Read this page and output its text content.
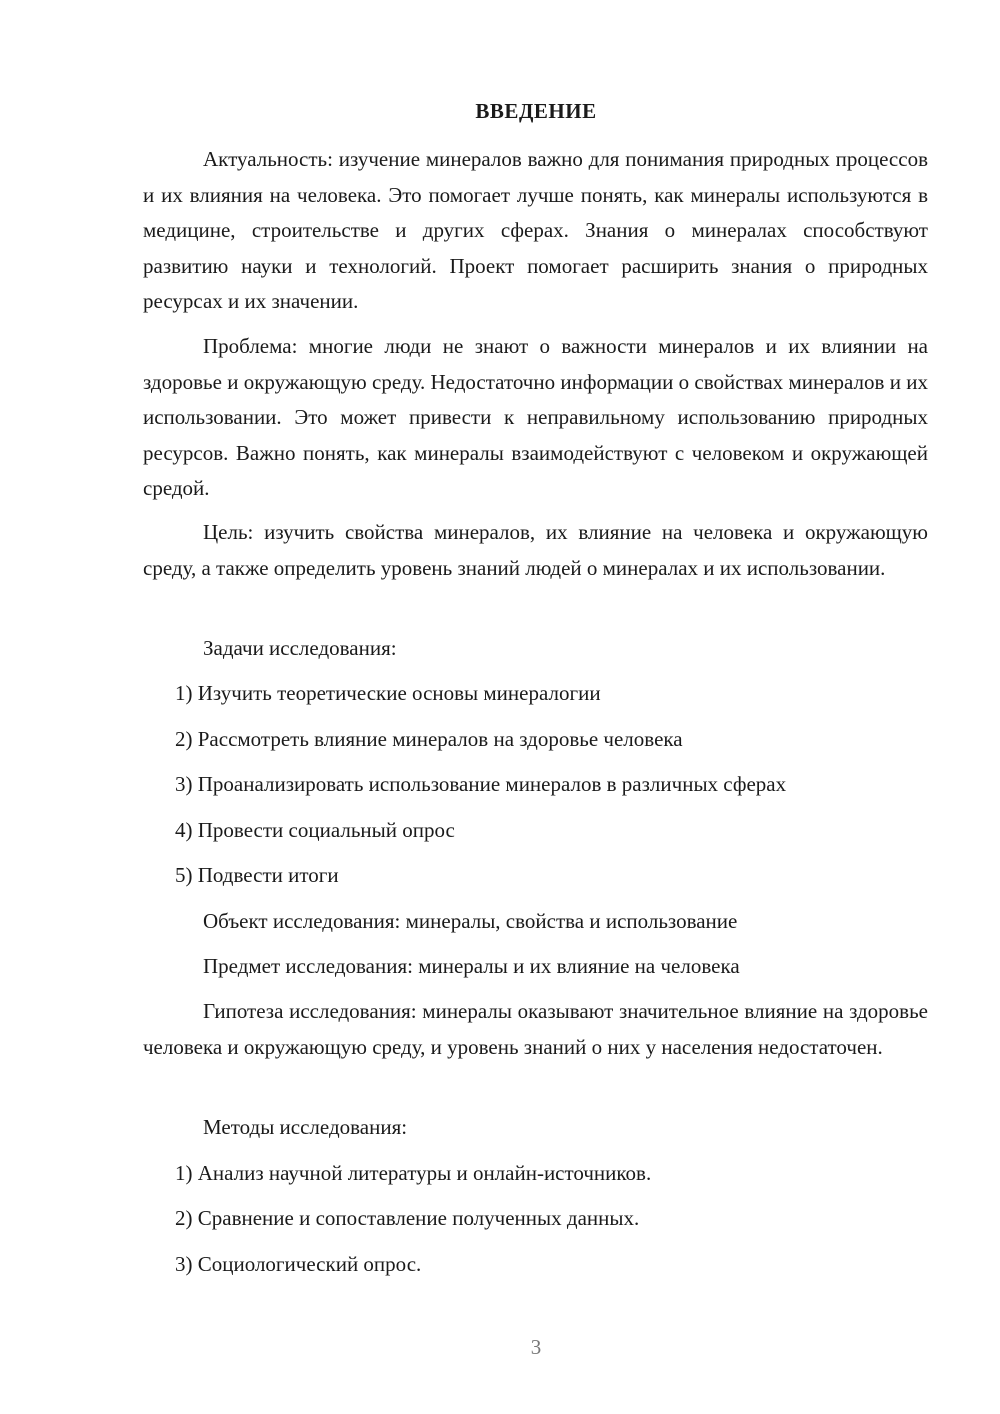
ВВЕДЕНИЕ

Актуальность: изучение минералов важно для понимания природных процессов и их влияния на человека. Это помогает лучше понять, как минералы используются в медицине, строительстве и других сферах. Знания о минералах способствуют развитию науки и технологий. Проект помогает расширить знания о природных ресурсах и их значении.

Проблема: многие люди не знают о важности минералов и их влиянии на здоровье и окружающую среду. Недостаточно информации о свойствах минералов и их использовании. Это может привести к неправильному использованию природных ресурсов. Важно понять, как минералы взаимодействуют с человеком и окружающей средой.

Цель: изучить свойства минералов, их влияние на человека и окружающую среду, а также определить уровень знаний людей о минералах и их использовании.

Задачи исследования:

1) Изучить теоретические основы минералогии

2) Рассмотреть влияние минералов на здоровье человека

3) Проанализировать использование минералов в различных сферах

4) Провести социальный опрос

5) Подвести итоги

Объект исследования: минералы, свойства и использование

Предмет исследования: минералы и их влияние на человека

Гипотеза исследования: минералы оказывают значительное влияние на здоровье человека и окружающую среду, и уровень знаний о них у населения недостаточен.

Методы исследования:

1) Анализ научной литературы и онлайн-источников.

2) Сравнение и сопоставление полученных данных.

3) Социологический опрос.

3
